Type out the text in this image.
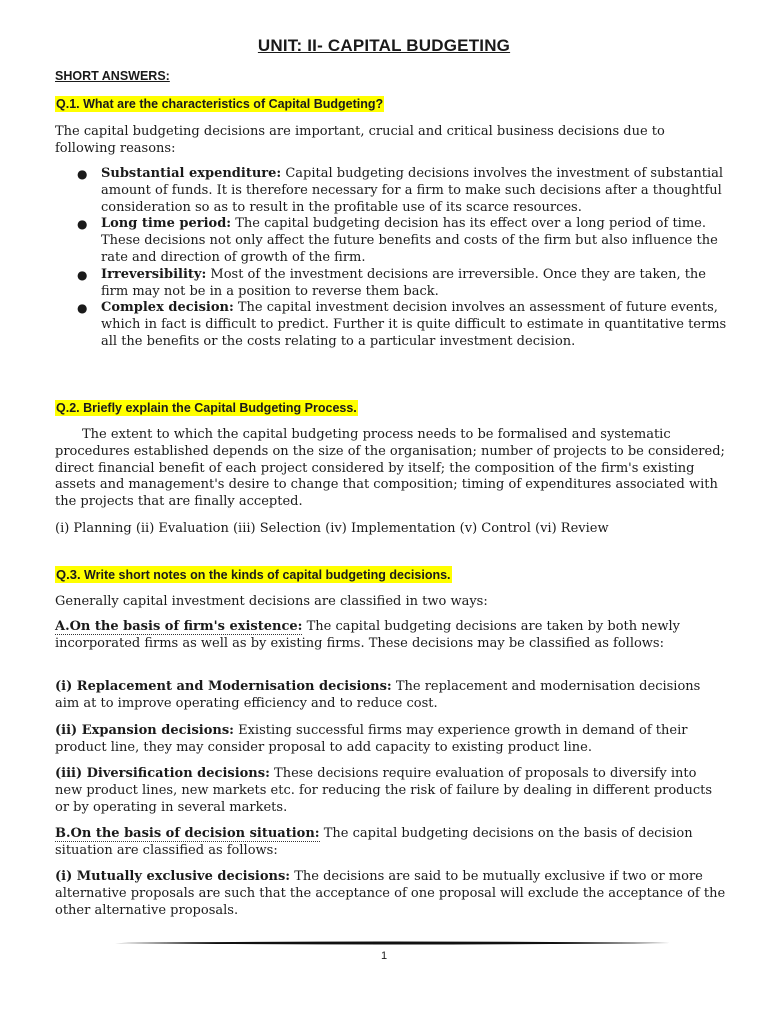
UNIT: II- CAPITAL BUDGETING

SHORT ANSWERS:

Q.1. What are the characteristics of Capital Budgeting?

The capital budgeting decisions are important, crucial and critical business decisions due to following reasons:

● Substantial expenditure: Capital budgeting decisions involves the investment of substantial amount of funds. It is therefore necessary for a firm to make such decisions after a thoughtful consideration so as to result in the profitable use of its scarce resources.
● Long time period: The capital budgeting decision has its effect over a long period of time. These decisions not only affect the future benefits and costs of the firm but also influence the rate and direction of growth of the firm.
● Irreversibility: Most of the investment decisions are irreversible. Once they are taken, the firm may not be in a position to reverse them back.
● Complex decision: The capital investment decision involves an assessment of future events, which in fact is difficult to predict. Further it is quite difficult to estimate in quantitative terms all the benefits or the costs relating to a particular investment decision.

Q.2. Briefly explain the Capital Budgeting Process.

The extent to which the capital budgeting process needs to be formalised and systematic procedures established depends on the size of the organisation; number of projects to be considered; direct financial benefit of each project considered by itself; the composition of the firm's existing assets and management's desire to change that composition; timing of expenditures associated with the projects that are finally accepted.

(i) Planning (ii) Evaluation (iii) Selection (iv) Implementation (v) Control (vi) Review

Q.3. Write short notes on the kinds of capital budgeting decisions.

Generally capital investment decisions are classified in two ways:

A.On the basis of firm's existence: The capital budgeting decisions are taken by both newly incorporated firms as well as by existing firms. These decisions may be classified as follows:

(i) Replacement and Modernisation decisions: The replacement and modernisation decisions aim at to improve operating efficiency and to reduce cost.

(ii) Expansion decisions: Existing successful firms may experience growth in demand of their product line, they may consider proposal to add capacity to existing product line.

(iii) Diversification decisions: These decisions require evaluation of proposals to diversify into new product lines, new markets etc. for reducing the risk of failure by dealing in different products or by operating in several markets.

B.On the basis of decision situation: The capital budgeting decisions on the basis of decision situation are classified as follows:

(i) Mutually exclusive decisions: The decisions are said to be mutually exclusive if two or more alternative proposals are such that the acceptance of one proposal will exclude the acceptance of the other alternative proposals.

1
